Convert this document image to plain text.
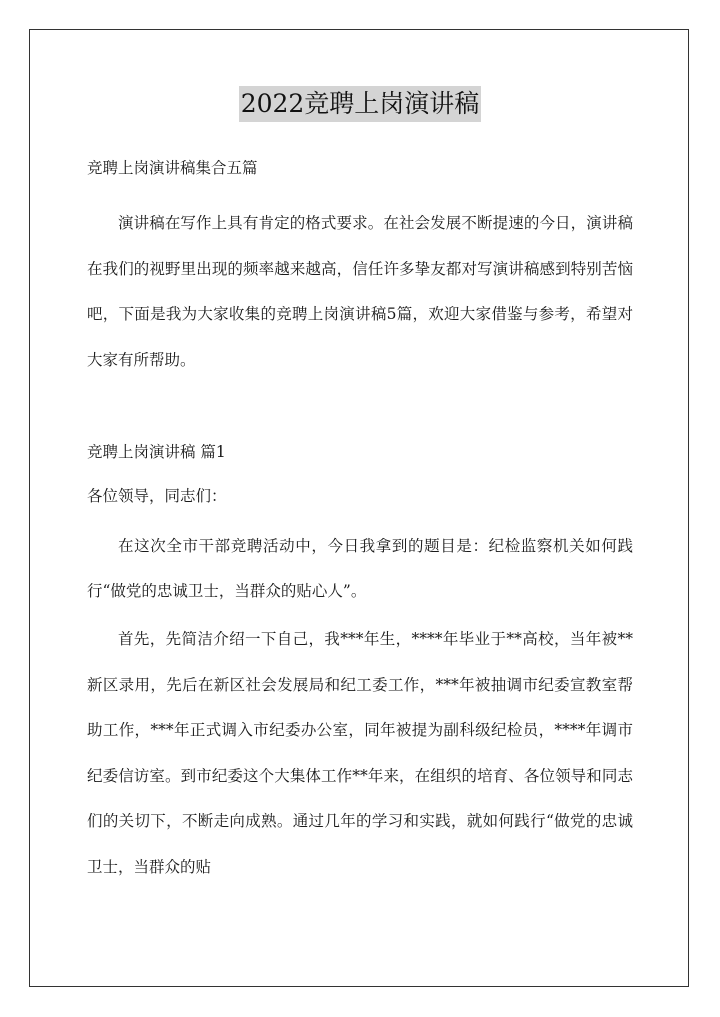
2022竞聘上岗演讲稿
竞聘上岗演讲稿集合五篇
演讲稿在写作上具有肯定的格式要求。在社会发展不断提速的今日，演讲稿在我们的视野里出现的频率越来越高，信任许多挚友都对写演讲稿感到特别苦恼吧，下面是我为大家收集的竞聘上岗演讲稿5篇，欢迎大家借鉴与参考，希望对大家有所帮助。
竞聘上岗演讲稿 篇1
各位领导，同志们：
在这次全市干部竞聘活动中，今日我拿到的题目是：纪检监察机关如何践行“做党的忠诚卫士，当群众的贴心人”。
首先，先简洁介绍一下自己，我***年生，****年毕业于**高校，当年被**新区录用，先后在新区社会发展局和纪工委工作，***年被抽调市纪委宣教室帮助工作，***年正式调入市纪委办公室，同年被提为副科级纪检员，****年调市纪委信访室。到市纪委这个大集体工作**年来，在组织的培育、各位领导和同志们的关切下，不断走向成熟。通过几年的学习和实践，就如何践行“做党的忠诚卫士，当群众的贴
